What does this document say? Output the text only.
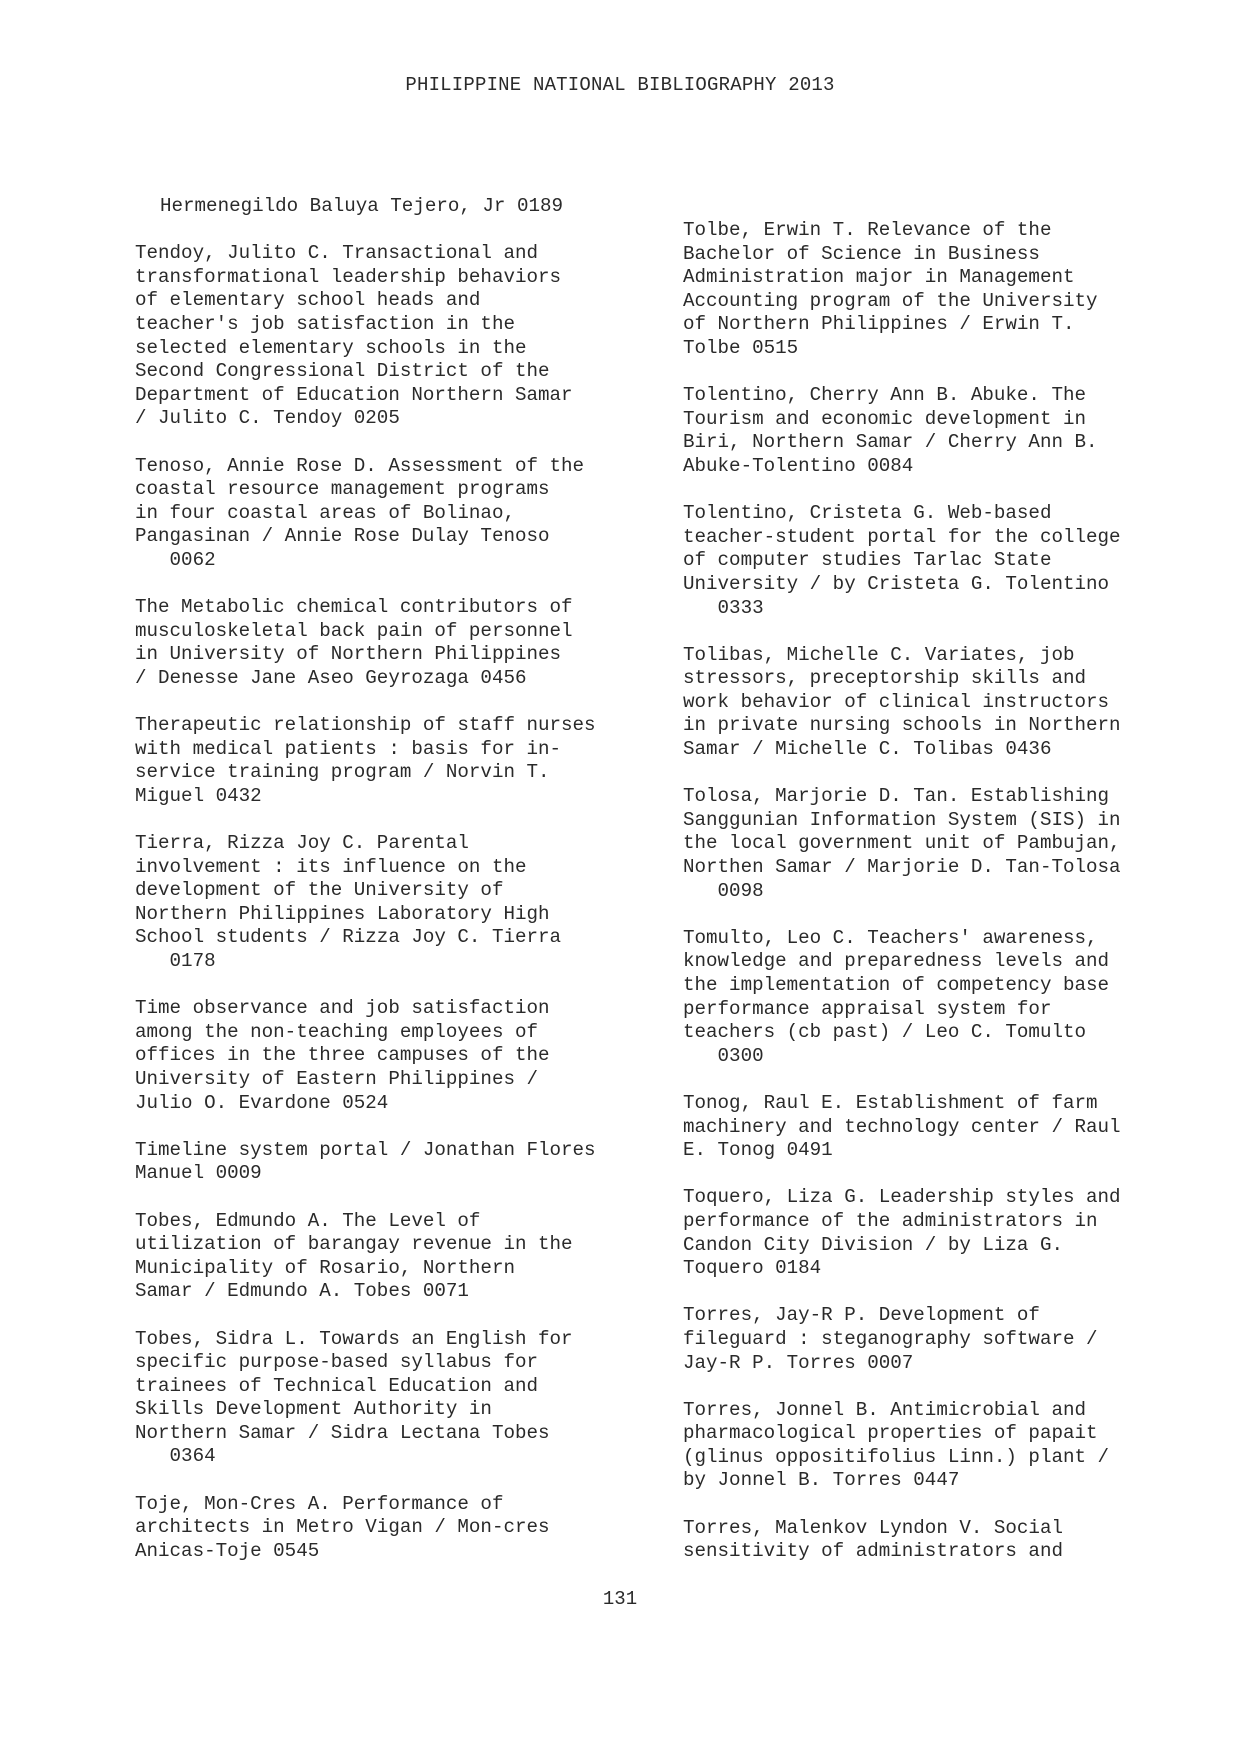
PHILIPPINE NATIONAL BIBLIOGRAPHY 2013
Hermenegildo Baluya Tejero, Jr 0189
Tendoy, Julito C. Transactional and
transformational leadership behaviors
of elementary school heads and
teacher's job satisfaction in the
selected elementary schools in the
Second Congressional District of the
Department of Education Northern Samar
/ Julito C. Tendoy 0205
Tenoso, Annie Rose D. Assessment of the
coastal resource management programs
in four coastal areas of Bolinao,
Pangasinan / Annie Rose Dulay Tenoso
0062
The Metabolic chemical contributors of
musculoskeletal back pain of personnel
in University of Northern Philippines
/ Denesse Jane Aseo Geyrozaga 0456
Therapeutic relationship of staff nurses
with medical patients : basis for in-
service training program / Norvin T.
Miguel 0432
Tierra, Rizza Joy C. Parental
involvement : its influence on the
development of the University of
Northern Philippines Laboratory High
School students / Rizza Joy C. Tierra
0178
Time observance and job satisfaction
among the non-teaching employees of
offices in the three campuses of the
University of Eastern Philippines /
Julio O. Evardone 0524
Timeline system portal / Jonathan Flores
Manuel 0009
Tobes, Edmundo A. The Level of
utilization of barangay revenue in the
Municipality of Rosario, Northern
Samar / Edmundo A. Tobes 0071
Tobes, Sidra L. Towards an English for
specific purpose-based syllabus for
trainees of Technical Education and
Skills Development Authority in
Northern Samar / Sidra Lectana Tobes
0364
Toje, Mon-Cres A. Performance of
architects in Metro Vigan / Mon-cres
Anicas-Toje 0545
Tolbe, Erwin T. Relevance of the
Bachelor of Science in Business
Administration major in Management
Accounting program of the University
of Northern Philippines / Erwin T.
Tolbe 0515
Tolentino, Cherry Ann B. Abuke. The
Tourism and economic development in
Biri, Northern Samar / Cherry Ann B.
Abuke-Tolentino 0084
Tolentino, Cristeta G. Web-based
teacher-student portal for the college
of computer studies Tarlac State
University / by Cristeta G. Tolentino
0333
Tolibas, Michelle C. Variates, job
stressors, preceptorship skills and
work behavior of clinical instructors
in private nursing schools in Northern
Samar / Michelle C. Tolibas 0436
Tolosa, Marjorie D. Tan. Establishing
Sanggunian Information System (SIS) in
the local government unit of Pambujan,
Northen Samar / Marjorie D. Tan-Tolosa
0098
Tomulto, Leo C. Teachers' awareness,
knowledge and preparedness levels and
the implementation of competency base
performance appraisal system for
teachers (cb past) / Leo C. Tomulto
0300
Tonog, Raul E. Establishment of farm
machinery and technology center / Raul
E. Tonog 0491
Toquero, Liza G. Leadership styles and
performance of the administrators in
Candon City Division / by Liza G.
Toquero 0184
Torres, Jay-R P. Development of
fileguard : steganography software /
Jay-R P. Torres 0007
Torres, Jonnel B. Antimicrobial and
pharmacological properties of papait
(glinus oppositifolius Linn.) plant /
by Jonnel B. Torres 0447
Torres, Malenkov Lyndon V. Social
sensitivity of administrators and
131
